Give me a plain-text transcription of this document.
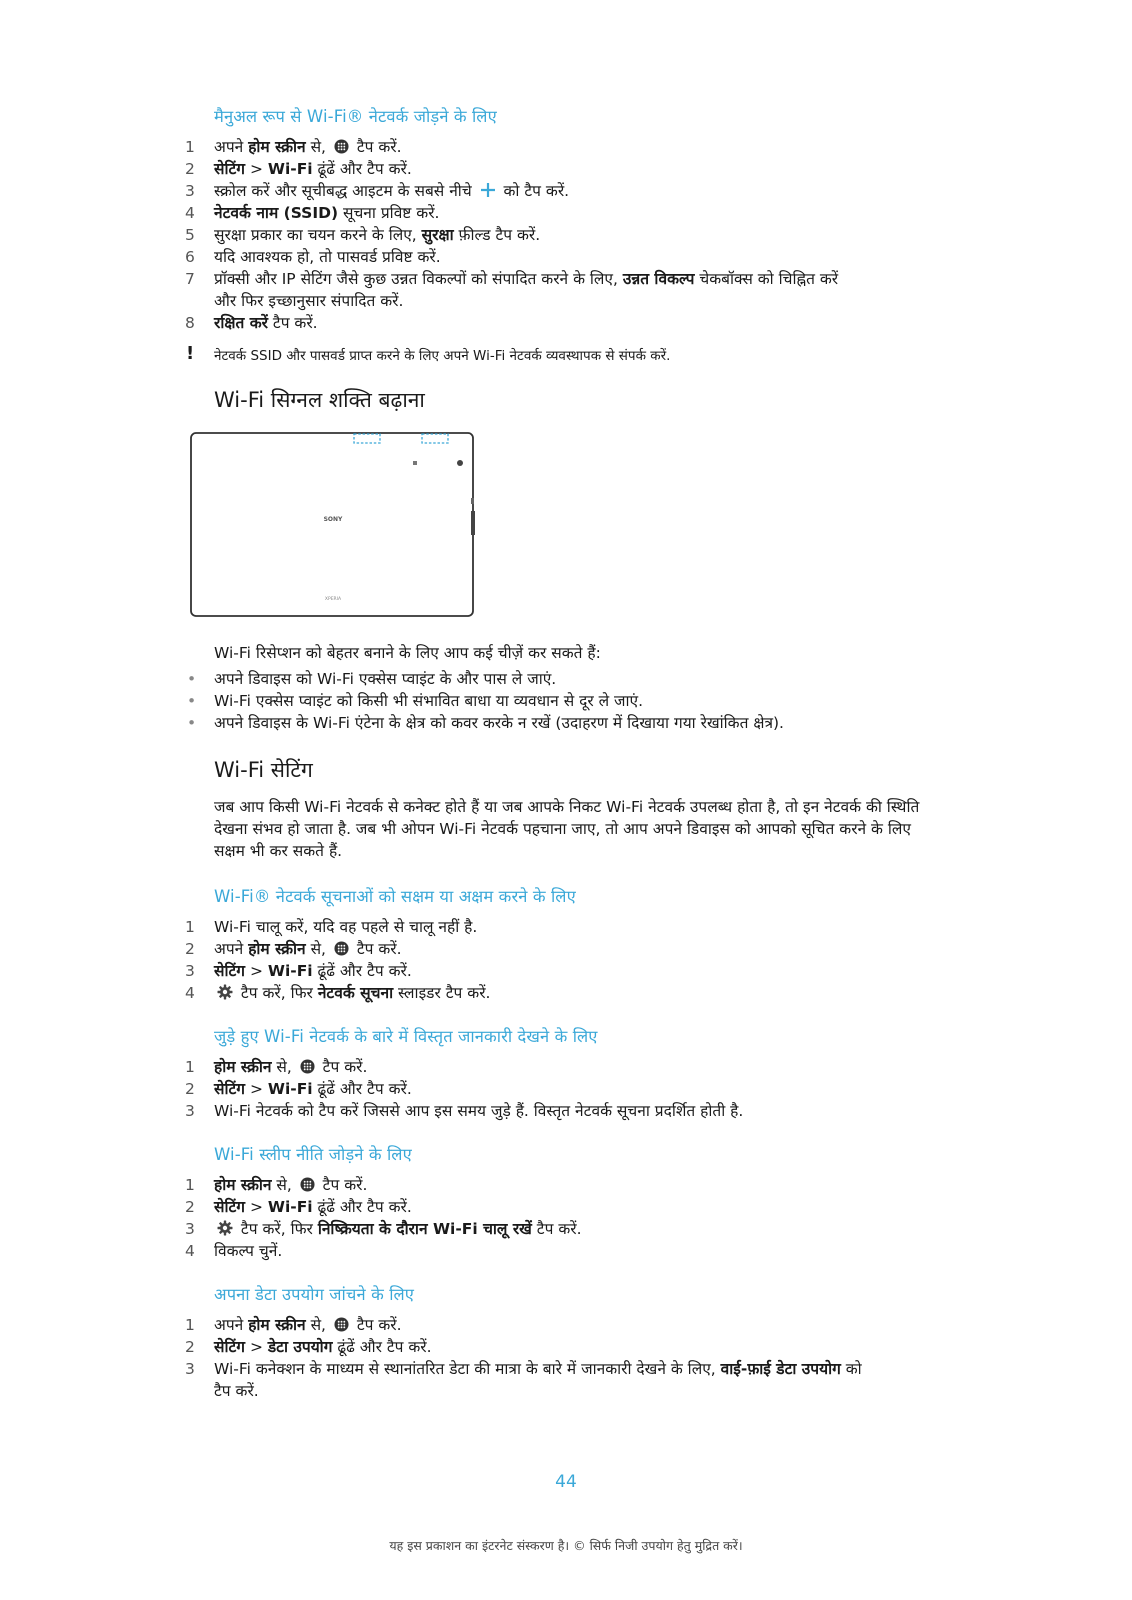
मैनुअल रूप से Wi-Fi® नेटवर्क जोड़ने के लिए
1 अपने होम स्क्रीन से,  टैप करें.
2 सेटिंग > Wi-Fi ढूंढें और टैप करें.
3 स्क्रोल करें और सूचीबद्ध आइटम के सबसे नीचे  को टैप करें.
4 नेटवर्क नाम (SSID) सूचना प्रविष्ट करें.
5 सुरक्षा प्रकार का चयन करने के लिए, सुरक्षा फ़ील्ड टैप करें.
6 यदि आवश्यक हो, तो पासवर्ड प्रविष्ट करें.
7 प्रॉक्सी और IP सेटिंग जैसे कुछ उन्नत विकल्पों को संपादित करने के लिए, उन्नत विकल्प चेकबॉक्स को चिह्नित करें और फिर इच्छानुसार संपादित करें.
8 रक्षित करें टैप करें.
! नेटवर्क SSID और पासवर्ड प्राप्त करने के लिए अपने Wi-Fi नेटवर्क व्यवस्थापक से संपर्क करें.
Wi-Fi सिग्नल शक्ति बढ़ाना
SONY
XPERIA

Wi-Fi रिसेप्शन को बेहतर बनाने के लिए आप कई चीज़ें कर सकते हैं:

• अपने डिवाइस को Wi-Fi एक्सेस प्वाइंट के और पास ले जाएं.
• Wi-Fi एक्सेस प्वाइंट को किसी भी संभावित बाधा या व्यवधान से दूर ले जाएं.
• अपने डिवाइस के Wi-Fi एंटेना के क्षेत्र को कवर करके न रखें (उदाहरण में दिखाया गया रेखांकित क्षेत्र).
Wi-Fi सेटिंग

जब आप किसी Wi-Fi नेटवर्क से कनेक्ट होते हैं या जब आपके निकट Wi-Fi नेटवर्क उपलब्ध होता है, तो इन नेटवर्क की स्थिति देखना संभव हो जाता है. जब भी ओपन Wi-Fi नेटवर्क पहचाना जाए, तो आप अपने डिवाइस को आपको सूचित करने के लिए सक्षम भी कर सकते हैं.

Wi-Fi® नेटवर्क सूचनाओं को सक्षम या अक्षम करने के लिए
1 Wi-Fi चालू करें, यदि वह पहले से चालू नहीं है.
2 अपने होम स्क्रीन से,  टैप करें.
3 सेटिंग > Wi-Fi ढूंढें और टैप करें.
4	टैप करें, फिर नेटवर्क सूचना स्लाइडर टैप करें.
जुड़े हुए Wi-Fi नेटवर्क के बारे में विस्तृत जानकारी देखने के लिए
1 होम स्क्रीन से,  टैप करें.
2 सेटिंग > Wi-Fi ढूंढें और टैप करें.
3 Wi-Fi नेटवर्क को टैप करें जिससे आप इस समय जुड़े हैं. विस्तृत नेटवर्क सूचना प्रदर्शित होती है.
Wi-Fi स्लीप नीति जोड़ने के लिए
1 होम स्क्रीन से,  टैप करें.
2 सेटिंग > Wi-Fi ढूंढें और टैप करें.
3	टैप करें, फिर निष्क्रियता के दौरान Wi-Fi चालू रखें टैप करें.
4 विकल्प चुनें.
अपना डेटा उपयोग जांचने के लिए
1 अपने होम स्क्रीन से,  टैप करें.
2 सेटिंग > डेटा उपयोग ढूंढें और टैप करें.
3 Wi-Fi कनेक्शन के माध्यम से स्थानांतरित डेटा की मात्रा के बारे में जानकारी देखने के लिए, वाई-फ़ाई डेटा उपयोग को टैप करें.
44
यह इस प्रकाशन का इंटरनेट संस्करण है। © सिर्फ निजी उपयोग हेतु मुद्रित करें।
